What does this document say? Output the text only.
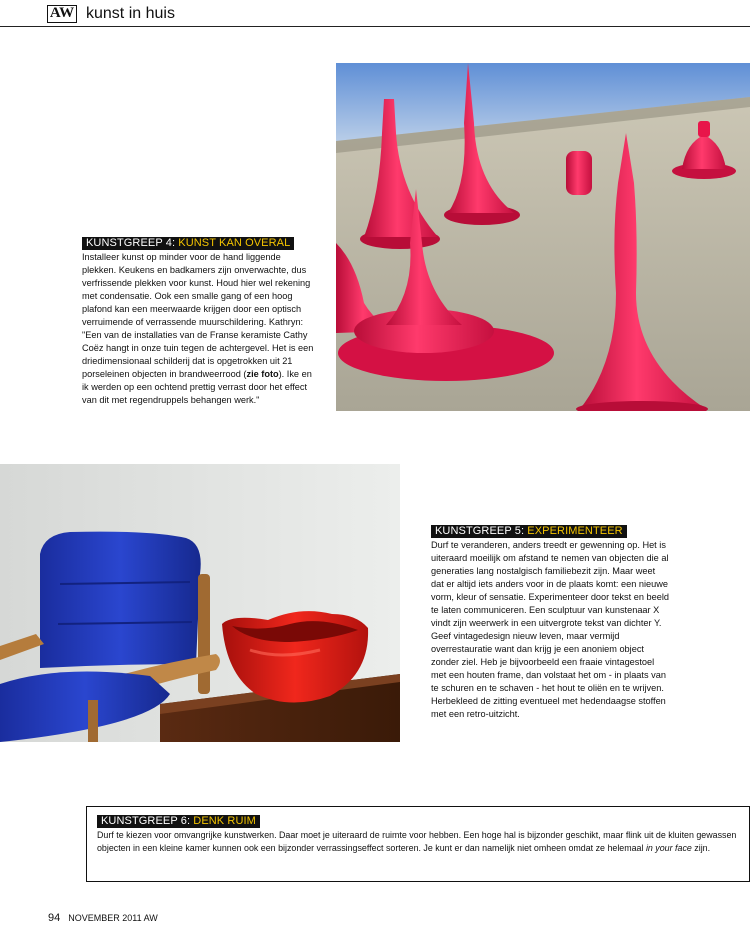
AW kunst in huis
KUNSTGREEP 4: KUNST KAN OVERAL
Installeer kunst op minder voor de hand liggende plekken. Keukens en badkamers zijn onverwachte, dus verfrissende plekken voor kunst. Houd hier wel rekening met condensatie. Ook een smalle gang of een hoog plafond kan een meerwaarde krijgen door een optisch verruimende of verrassende muurschildering. Kathryn: "Een van de installaties van de Franse keramiste Cathy Coëz hangt in onze tuin tegen de achtergevel. Het is een driedimensionaal schilderij dat is opgetrokken uit 21 porseleinen objecten in brandweerrood (zie foto). Ike en ik werden op een ochtend prettig verrast door het effect van dit met regendruppels behangen werk."
KUNSTGREEP 5: EXPERIMENTEER

Durf te veranderen, anders treedt er gewenning op. Het is uiteraard moeilijk om afstand te nemen van objecten die al generaties lang nostalgisch familiebezit zijn. Maar weet dat er altijd iets anders voor in de plaats komt: een nieuwe vorm, kleur of sensatie. Experimenteer door tekst en beeld te laten communiceren. Een sculptuur van kunstenaar X vindt zijn weerwerk in een uitvergrote tekst van dichter Y.

Geef vintagedesign nieuw leven, maar vermijd overrestauratie want dan krijg je een anoniem object zonder ziel. Heb je bijvoorbeeld een fraaie vintagestoel met een houten frame, dan volstaat het om - in plaats van te schuren en te schaven - het hout te oliën en te wrijven. Herbekleed de zitting eventueel met hedendaagse stoffen met een retro-uitzicht.

KUNSTGREEP 6: DENK RUIM
Durf te kiezen voor omvangrijke kunstwerken. Daar moet je uiteraard de ruimte voor hebben. Een hoge hal is bijzonder geschikt, maar flink uit de kluiten gewassen objecten in een kleine kamer kunnen ook een bijzonder verrassingseffect sorteren. Je kunt er dan namelijk niet omheen omdat ze helemaal in your face zijn.
94 NOVEMBER 2011 AW
